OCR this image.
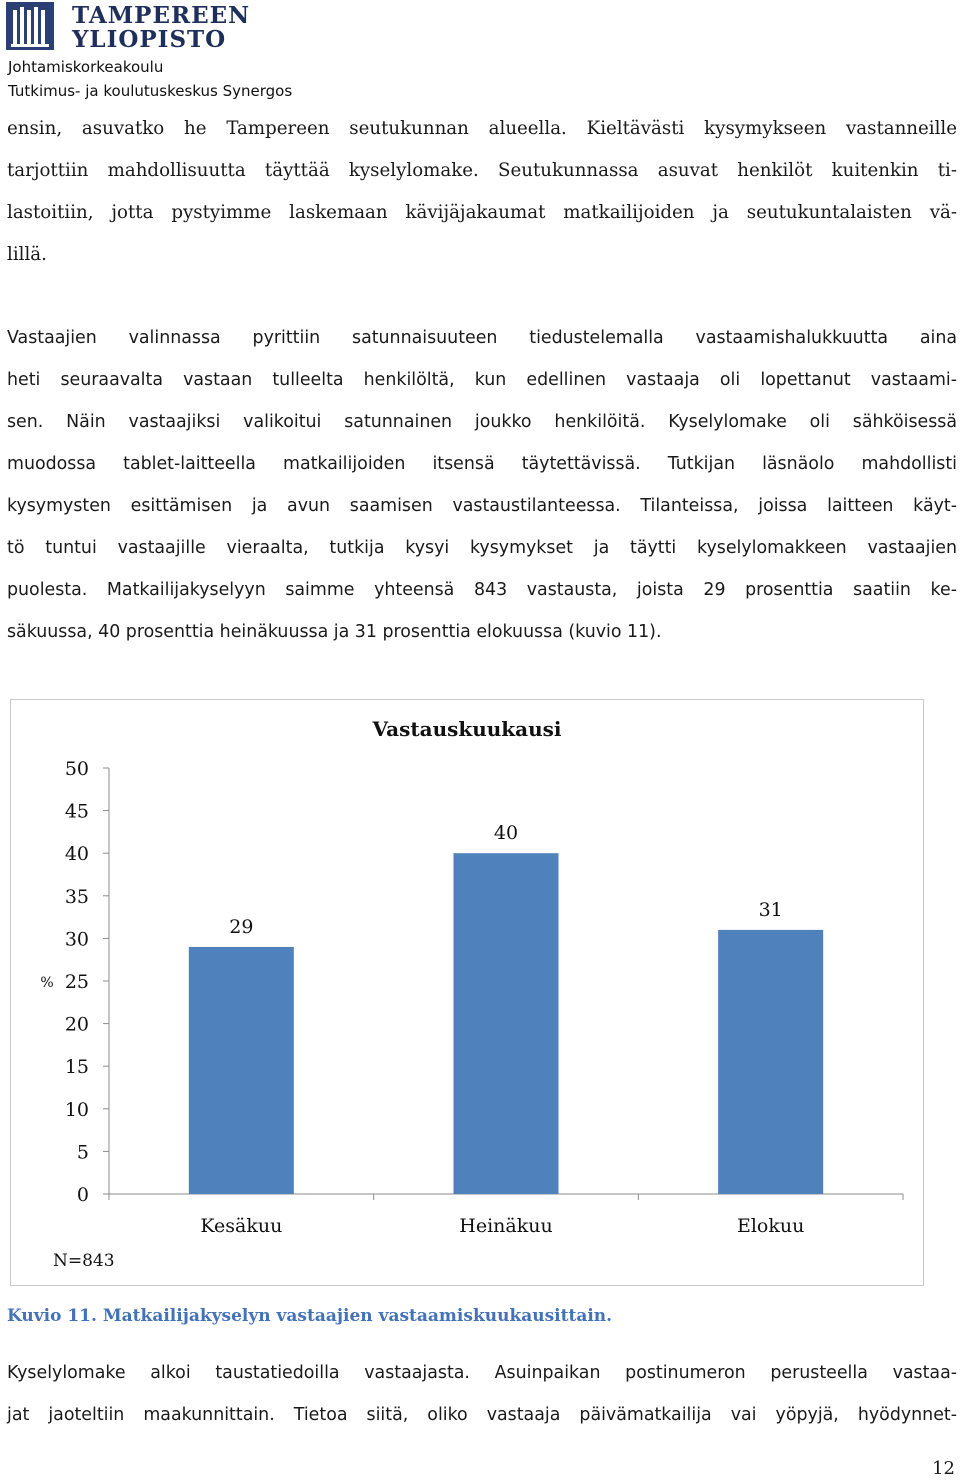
TAMPEREEN
YLIOPISTO
Johtamiskorkeakoulu
Tutkimus- ja koulutuskeskus Synergos
ensin, asuvatko he Tampereen seutukunnan alueella. Kieltävästi kysymykseen vastanneille
tarjottiin mahdollisuutta täyttää kyselylomake. Seutukunnassa asuvat henkilöt kuitenkin ti-
lastoitiin, jotta pystyimme laskemaan kävijäjakaumat matkailijoiden ja seutukuntalaisten vä-
lillä.
Vastaajien valinnassa pyrittiin satunnaisuuteen tiedustelemalla vastaamishalukkuutta aina
heti seuraavalta vastaan tulleelta henkilöltä, kun edellinen vastaaja oli lopettanut vastaami-
sen. Näin vastaajiksi valikoitui satunnainen joukko henkilöitä. Kyselylomake oli sähköisessä
muodossa tablet-laitteella matkailijoiden itsensä täytettävissä. Tutkijan läsnäolo mahdollisti
kysymysten esittämisen ja avun saamisen vastaustilanteessa. Tilanteissa, joissa laitteen käyt-
tö tuntui vastaajille vieraalta, tutkija kysyi kysymykset ja täytti kyselylomakkeen vastaajien
puolesta. Matkailijakyselyyn saimme yhteensä 843 vastausta, joista 29 prosenttia saatiin ke-
säkuussa, 40 prosenttia heinäkuussa ja 31 prosenttia elokuussa (kuvio 11).
Vastauskuukausi
0
5
10
15
20
25
30
35
40
45
50
%
29
Kesäkuu
40
Heinäkuu
31
Elokuu
N=843
Kuvio 11. Matkailijakyselyn vastaajien vastaamiskuukausittain.
Kyselylomake alkoi taustatiedoilla vastaajasta. Asuinpaikan postinumeron perusteella vastaa-
jat jaoteltiin maakunnittain. Tietoa siitä, oliko vastaaja päivämatkailija vai yöpyjä, hyödynnet-
12
